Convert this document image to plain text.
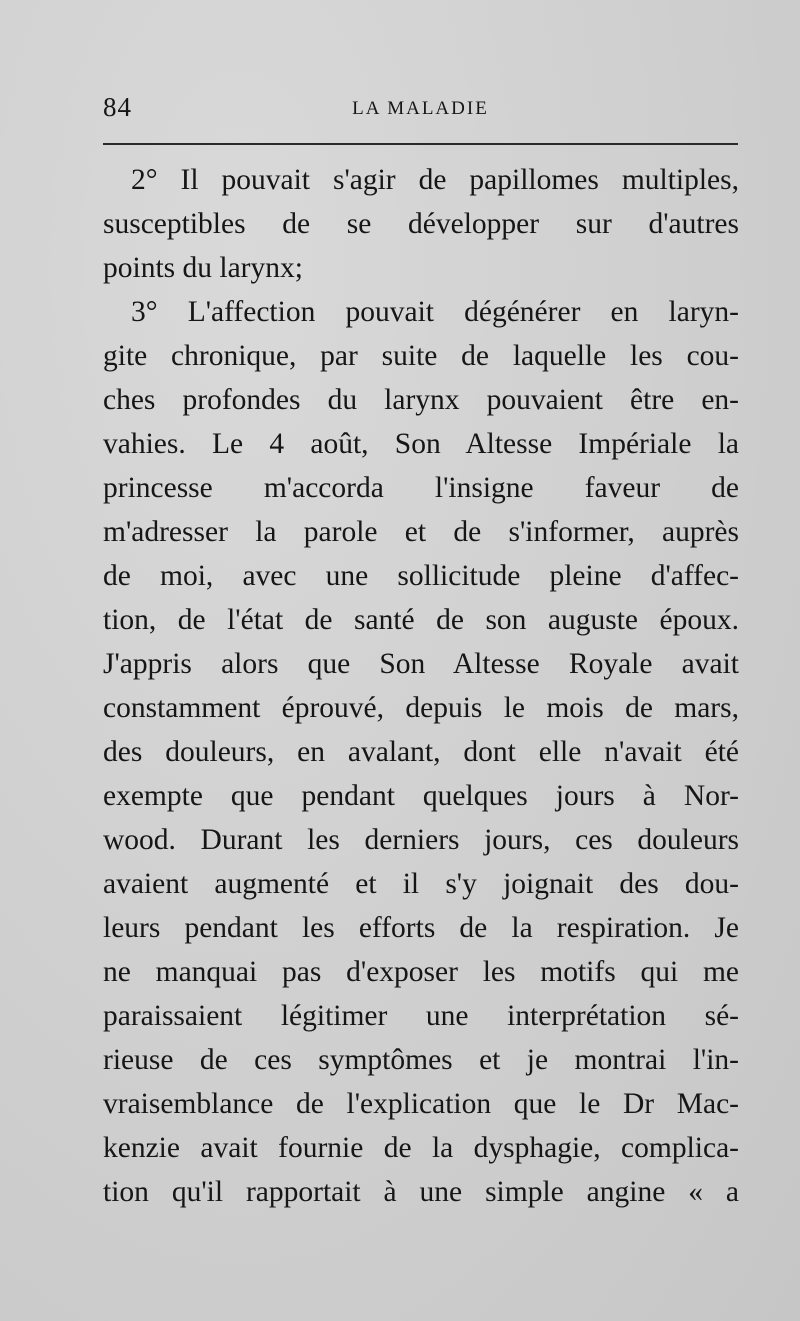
84	LA MALADIE
2° Il pouvait s'agir de papillomes multiples,
susceptibles de se développer sur d'autres
points du larynx;
3° L'affection pouvait dégénérer en laryn-
gite chronique, par suite de laquelle les cou-
ches profondes du larynx pouvaient être en-
vahies. Le 4 août, Son Altesse Impériale la
princesse m'accorda l'insigne faveur de
m'adresser la parole et de s'informer, auprès
de moi, avec une sollicitude pleine d'affec-
tion, de l'état de santé de son auguste époux.
J'appris alors que Son Altesse Royale avait
constamment éprouvé, depuis le mois de mars,
des douleurs, en avalant, dont elle n'avait été
exempte que pendant quelques jours à Nor-
wood. Durant les derniers jours, ces douleurs
avaient augmenté et il s'y joignait des dou-
leurs pendant les efforts de la respiration. Je
ne manquai pas d'exposer les motifs qui me
paraissaient légitimer une interprétation sé-
rieuse de ces symptômes et je montrai l'in-
vraisemblance de l'explication que le Dr Mac-
kenzie avait fournie de la dysphagie, complica-
tion qu'il rapportait à une simple angine « a
